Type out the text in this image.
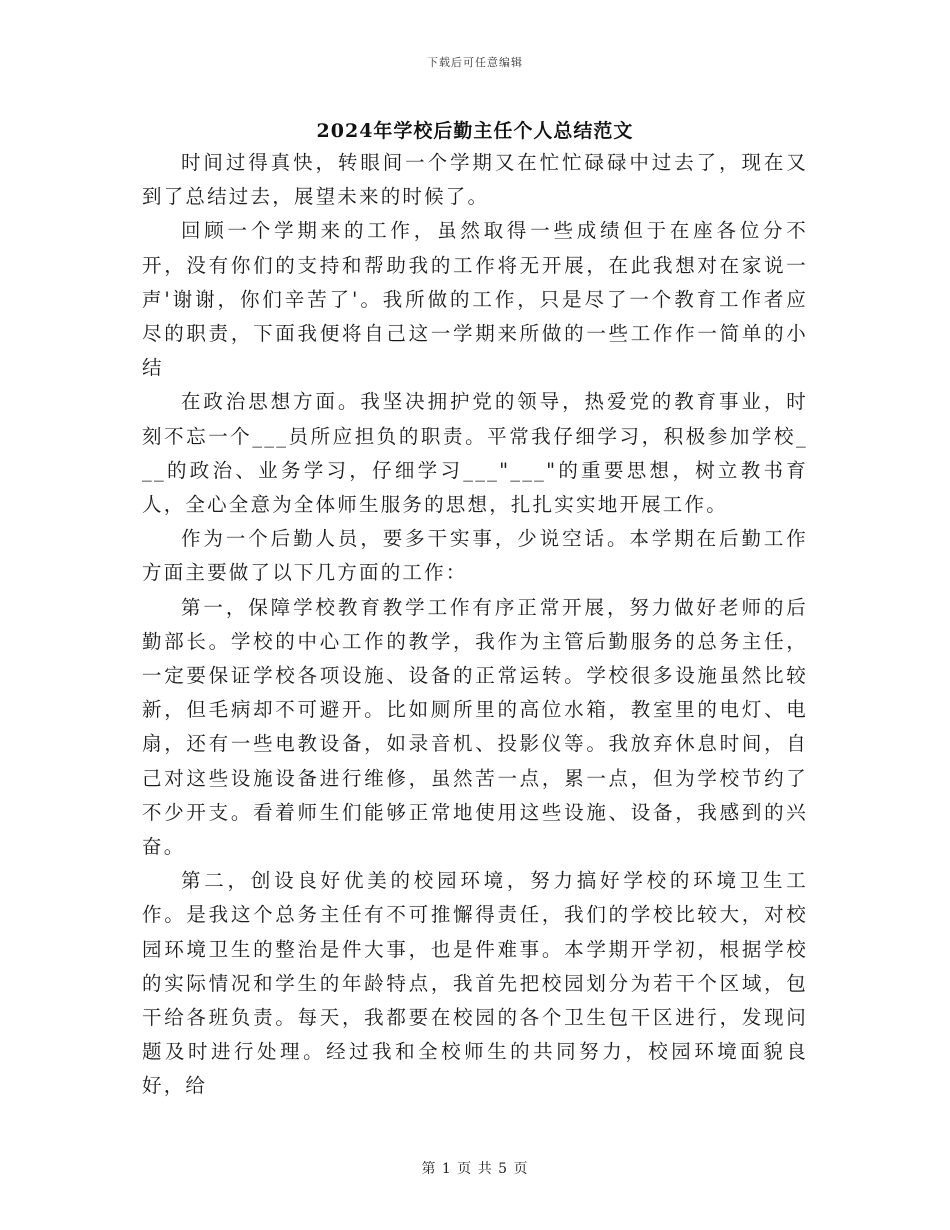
下载后可任意编辑
2024年学校后勤主任个人总结范文

时间过得真快，转眼间一个学期又在忙忙碌碌中过去了，现在又到了总结过去，展望未来的时候了。

回顾一个学期来的工作，虽然取得一些成绩但于在座各位分不开，没有你们的支持和帮助我的工作将无开展，在此我想对在家说一声'谢谢，你们辛苦了'。我所做的工作，只是尽了一个教育工作者应尽的职责，下面我便将自己这一学期来所做的一些工作作一简单的小结

在政治思想方面。我坚决拥护党的领导，热爱党的教育事业，时刻不忘一个___员所应担负的职责。平常我仔细学习，积极参加学校___的政治、业务学习，仔细学习___"___"的重要思想，树立教书育人，全心全意为全体师生服务的思想，扎扎实实地开展工作。

作为一个后勤人员，要多干实事，少说空话。本学期在后勤工作方面主要做了以下几方面的工作：

第一，保障学校教育教学工作有序正常开展，努力做好老师的后勤部长。学校的中心工作的教学，我作为主管后勤服务的总务主任，一定要保证学校各项设施、设备的正常运转。学校很多设施虽然比较新，但毛病却不可避开。比如厕所里的高位水箱，教室里的电灯、电扇，还有一些电教设备，如录音机、投影仪等。我放弃休息时间，自己对这些设施设备进行维修，虽然苦一点，累一点，但为学校节约了不少开支。看着师生们能够正常地使用这些设施、设备，我感到的兴奋。

第二，创设良好优美的校园环境，努力搞好学校的环境卫生工作。是我这个总务主任有不可推懈得责任，我们的学校比较大，对校园环境卫生的整治是件大事，也是件难事。本学期开学初，根据学校的实际情况和学生的年龄特点，我首先把校园划分为若干个区域，包干给各班负责。每天，我都要在校园的各个卫生包干区进行，发现问题及时进行处理。经过我和全校师生的共同努力，校园环境面貌良好，给

第 1 页 共 5 页
